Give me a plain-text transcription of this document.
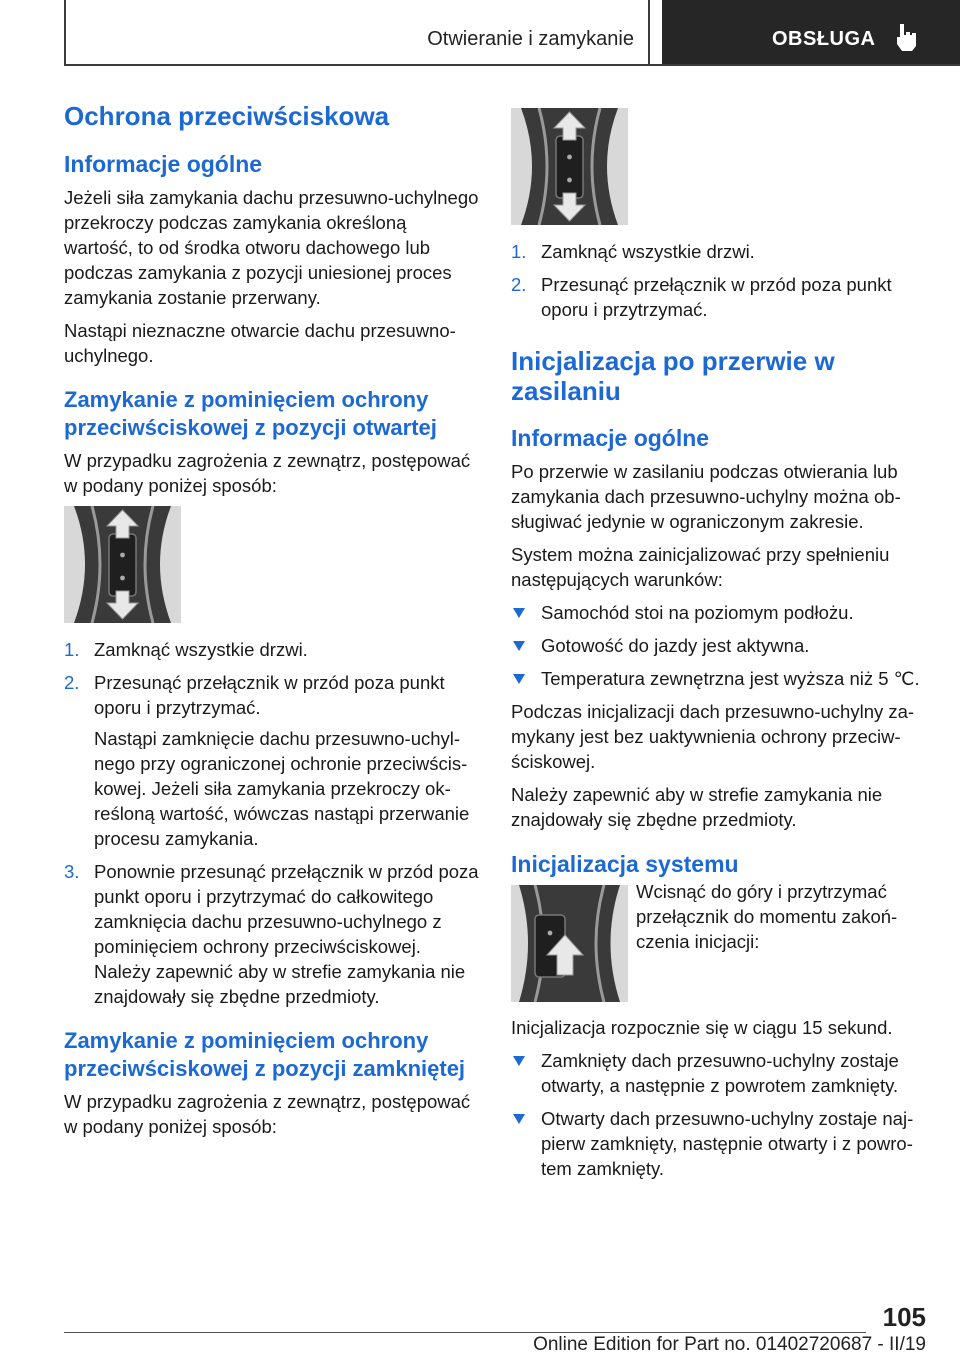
Otwieranie i zamykanie	OBSŁUGA
Ochrona przeciwściskowa
Informacje ogólne

Jeżeli siła zamykania dachu przesuwno-uchylnego przekroczy podczas zamykania określoną wartość, to od środka otworu dachowego lub podczas zamykania z pozycji uniesionej proces zamykania zostanie przerwany.

Nastąpi nieznaczne otwarcie dachu przesuwno-uchylnego.

Zamykanie z pominięciem ochrony przeciwściskowej z pozycji otwartej

W przypadku zagrożenia z zewnątrz, postępować w podany poniżej sposób:

1. Zamknąć wszystkie drzwi.
2. Przesunąć przełącznik w przód poza punkt oporu i przytrzymać.
Nastąpi zamknięcie dachu przesuwno-uchylnego przy ograniczonej ochronie przeciwściskowej. Jeżeli siła zamykania przekroczy określoną wartość, wówczas nastąpi przerwanie procesu zamykania.
3. Ponownie przesunąć przełącznik w przód poza punkt oporu i przytrzymać do całkowitego zamknięcia dachu przesuwno-uchylnego z pominięciem ochrony przeciwściskowej. Należy zapewnić aby w strefie zamykania nie znajdowały się zbędne przedmioty.
Zamykanie z pominięciem ochrony przeciwściskowej z pozycji zamkniętej

W przypadku zagrożenia z zewnątrz, postępować w podany poniżej sposób:

1. Zamknąć wszystkie drzwi.
2. Przesunąć przełącznik w przód poza punkt oporu i przytrzymać.
Inicjalizacja po przerwie w zasilaniu
Informacje ogólne

Po przerwie w zasilaniu podczas otwierania lub zamykania dach przesuwno-uchylny można obsługiwać jedynie w ograniczonym zakresie.

System można zainicjalizować przy spełnieniu następujących warunków:

Samochód stoi na poziomym podłożu.
Gotowość do jazdy jest aktywna.
Temperatura zewnętrzna jest wyższa niż 5 ℃.

Podczas inicjalizacji dach przesuwno-uchylny zamykany jest bez uaktywnienia ochrony przeciwściskowej.

Należy zapewnić aby w strefie zamykania nie znajdowały się zbędne przedmioty.

Inicjalizacja systemu

Wcisnąć do góry i przytrzymać przełącznik do momentu zakończenia inicjacji:

Inicjalizacja rozpocznie się w ciągu 15 sekund.

Zamknięty dach przesuwno-uchylny zostaje otwarty, a następnie z powrotem zamknięty.
Otwarty dach przesuwno-uchylny zostaje najpierw zamknięty, następnie otwarty i z powrotem zamknięty.
105
Online Edition for Part no. 01402720687 - II/19
